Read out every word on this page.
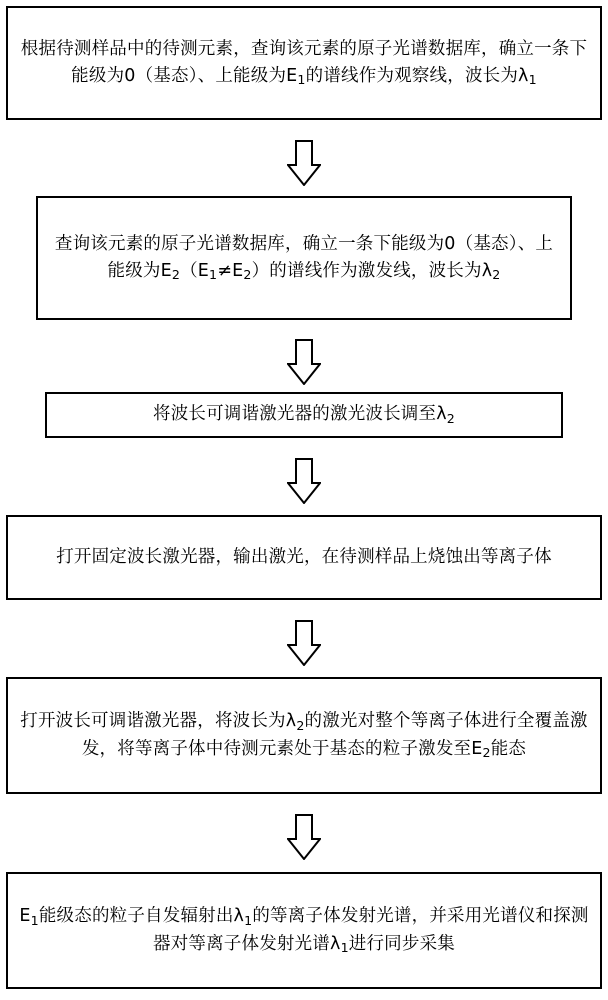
根据待测样品中的待测元素，查询该元素的原子光谱数据库，确立一条下能级为0（基态）、上能级为$E_1$的谱线作为观察线，波长为$\lambda_1$
查询该元素的原子光谱数据库，确立一条下能级为0（基态）、上能级为$E_2(E_1\ne E_2)$的谱线作为激发线，波长为$\lambda_2$
将波长可调谐激光器的激光波长调至$\lambda_2$
打开固定波长激光器，输出激光，在待测样品上烧蚀出等离子体
打开波长可调谐激光器，将波长为$\lambda_2$的激光对整个等离子体进行全覆盖激发，将等离子体中待测元素处于基态的粒子激发至$E_2$能态
$E_1$能级态的粒子自发辐射出$\lambda_1$的等离子体发射光谱，并采用光谱仪和探测器对等离子体发射光谱$\lambda_1$进行同步采集
